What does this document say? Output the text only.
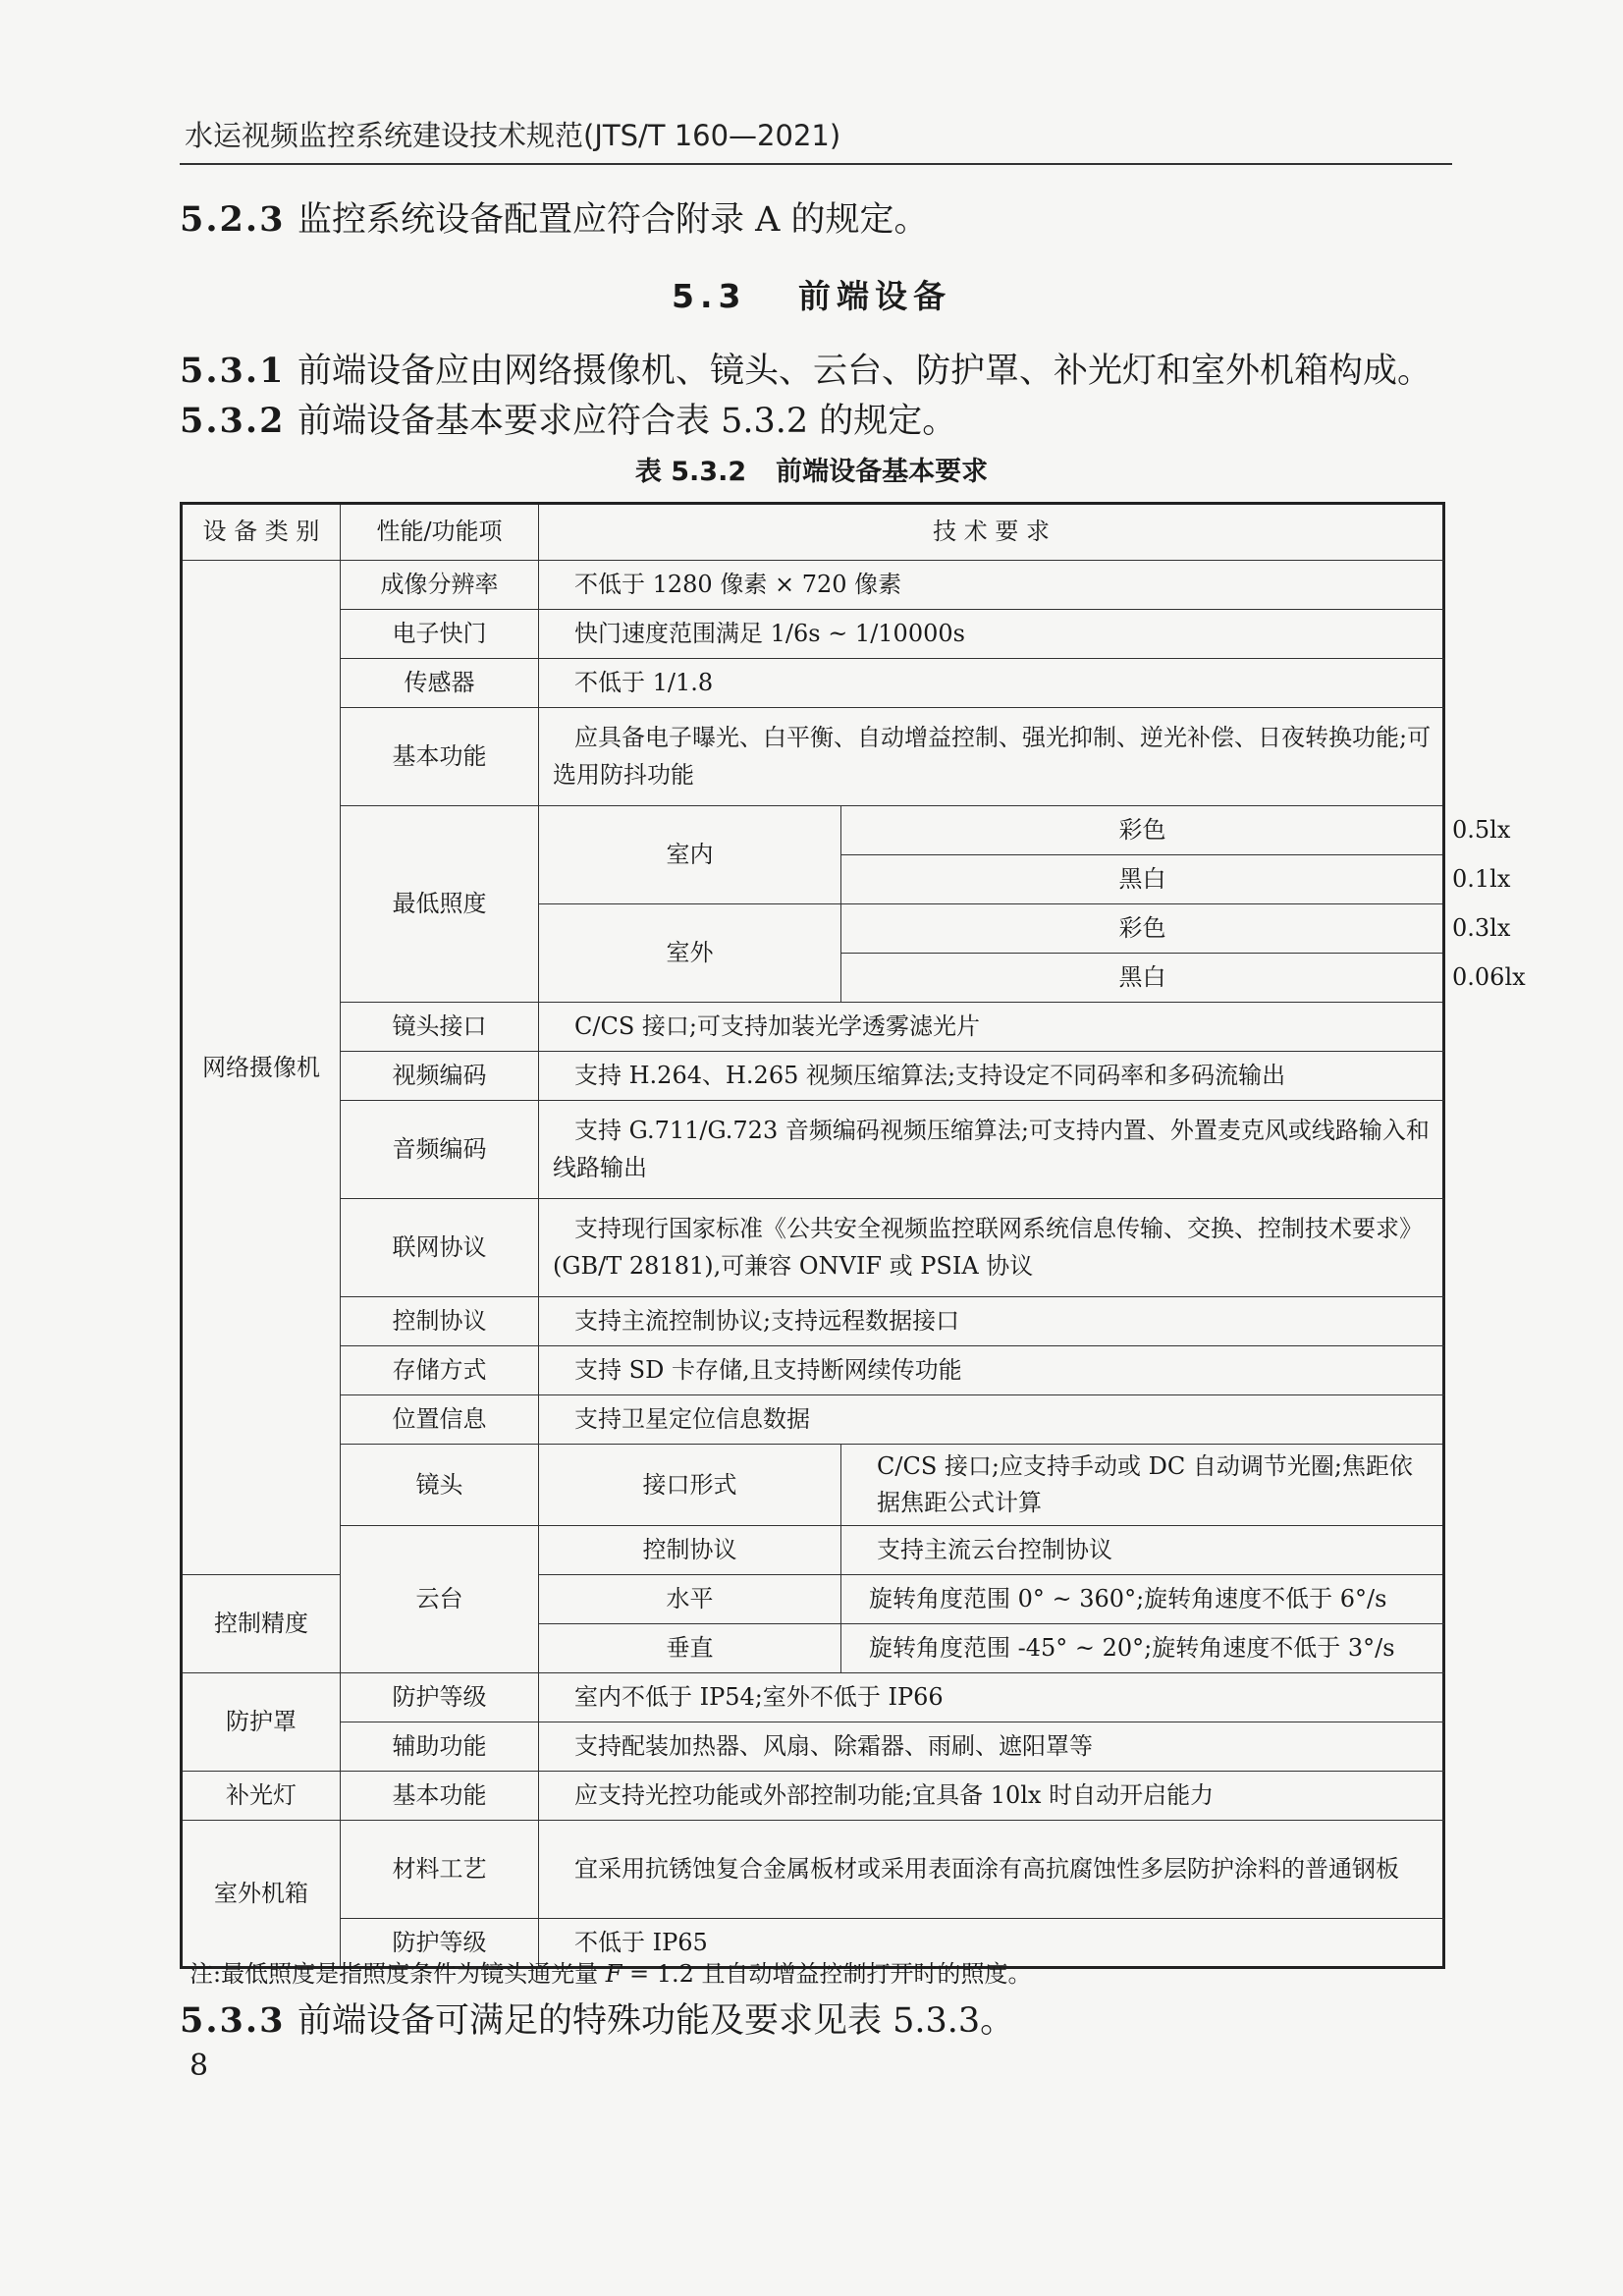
水运视频监控系统建设技术规范(JTS/T 160—2021)
5.2.3 监控系统设备配置应符合附录 A 的规定。
5.3 前端设备
5.3.1 前端设备应由网络摄像机、镜头、云台、防护罩、补光灯和室外机箱构成。
5.3.2 前端设备基本要求应符合表 5.3.2 的规定。
表 5.3.2 前端设备基本要求
设 备 类 别	性能/功能项	技 术 要 求		
网络摄像机	成像分辨率	不低于 1280 像素 × 720 像素		
	电子快门	快门速度范围满足 1/6s ~ 1/10000s		
	传感器	不低于 1/1.8		
	基本功能	应具备电子曝光、白平衡、自动增益控制、强光抑制、逆光补偿、日夜转换功能;可选用防抖功能		
	最低照度	室内	彩色	0.5lx
			黑白	0.1lx
		室外	彩色	0.3lx
			黑白	0.06lx
	镜头接口	C/CS 接口;可支持加装光学透雾滤光片		
	视频编码	支持 H.264、H.265 视频压缩算法;支持设定不同码率和多码流输出		
	音频编码	支持 G.711/G.723 音频编码视频压缩算法;可支持内置、外置麦克风或线路输入和线路输出		
	联网协议	支持现行国家标准《公共安全视频监控联网系统信息传输、交换、控制技术要求》(GB/T 28181),可兼容 ONVIF 或 PSIA 协议		
	控制协议	支持主流控制协议;支持远程数据接口		
	存储方式	支持 SD 卡存储,且支持断网续传功能		
	位置信息	支持卫星定位信息数据		
	镜头	接口形式	C/CS 接口;应支持手动或 DC 自动调节光圈;焦距依据焦距公式计算	
	云台	控制协议	支持主流云台控制协议	
控制精度		水平	旋转角度范围 0° ~ 360°;旋转角速度不低于 6°/s	
		垂直	旋转角度范围 -45° ~ 20°;旋转角速度不低于 3°/s	
防护罩	防护等级	室内不低于 IP54;室外不低于 IP66		
	辅助功能	支持配装加热器、风扇、除霜器、雨刷、遮阳罩等		
补光灯	基本功能	应支持光控功能或外部控制功能;宜具备 10lx 时自动开启能力		
室外机箱	材料工艺	宜采用抗锈蚀复合金属板材或采用表面涂有高抗腐蚀性多层防护涂料的普通钢板		
	防护等级	不低于 IP65		
注:最低照度是指照度条件为镜头通光量 F = 1.2 且自动增益控制打开时的照度。
5.3.3 前端设备可满足的特殊功能及要求见表 5.3.3。
8
